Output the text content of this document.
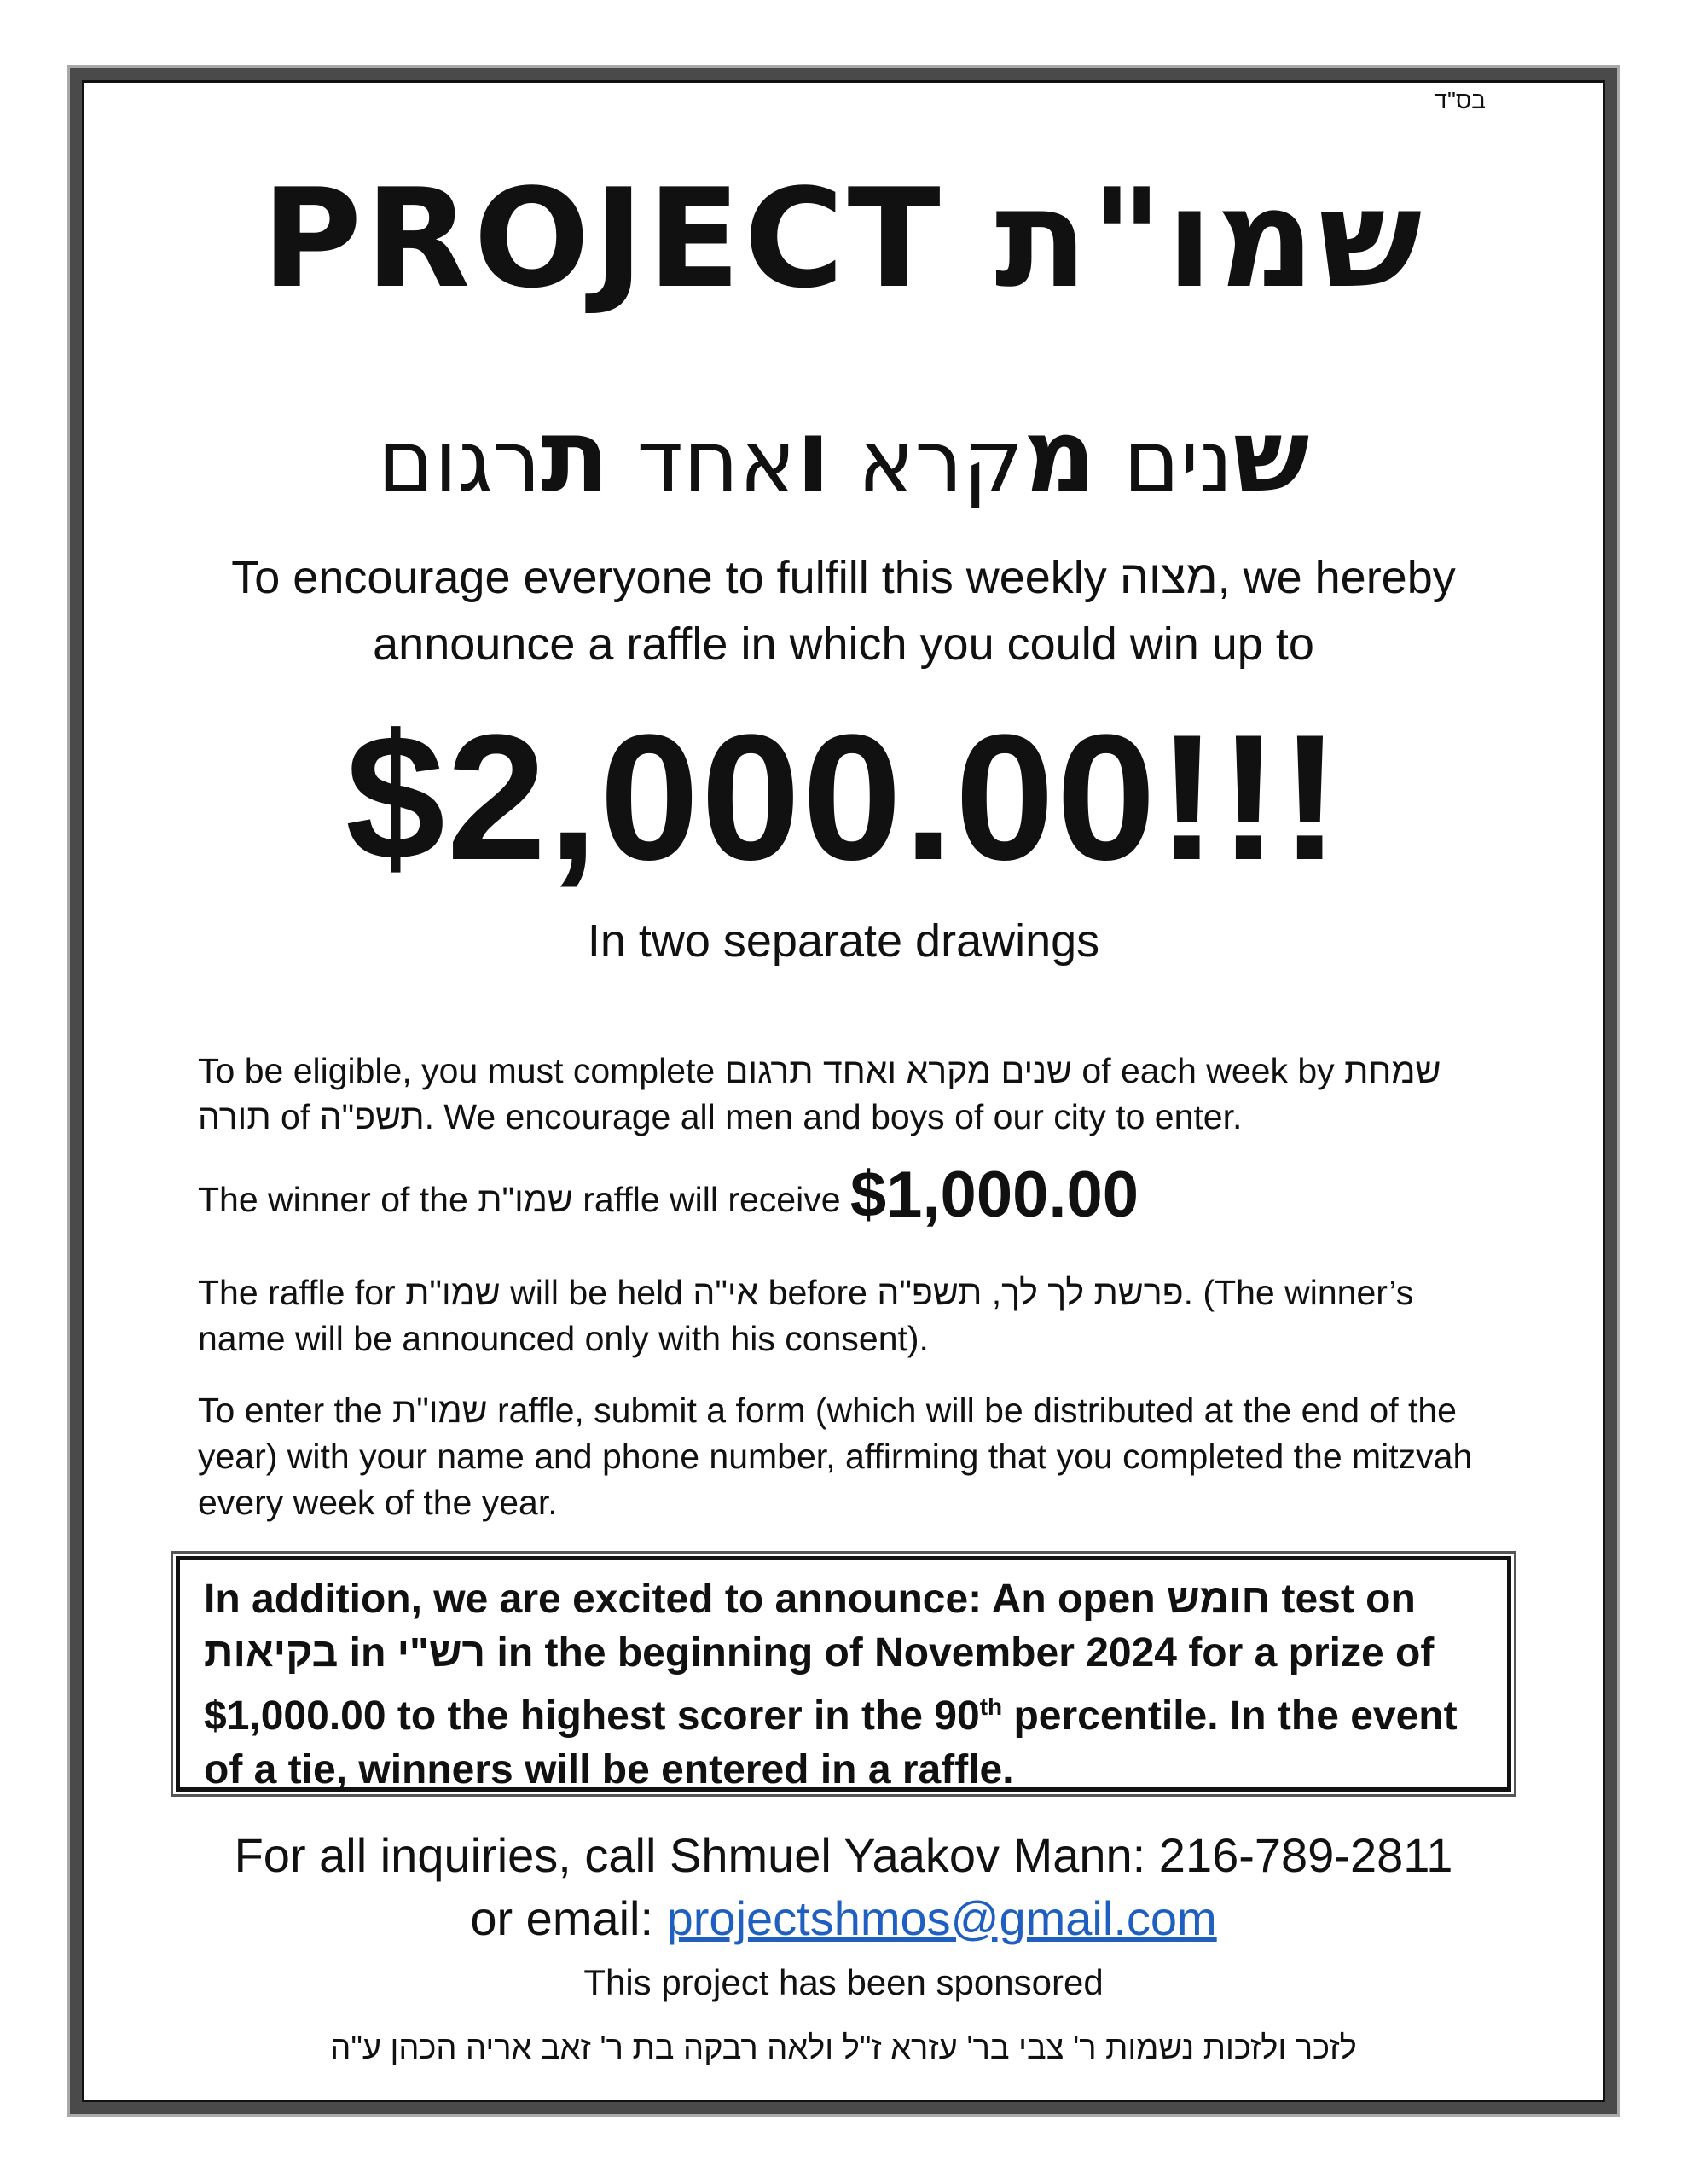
בס"ד
PROJECT שמו"ת
שנים מקרא ואחד תרגום
To encourage everyone to fulfill this weekly מצוה, we hereby announce a raffle in which you could win up to
$2,000.00!!!
In two separate drawings
To be eligible, you must complete שנים מקרא ואחד תרגום of each week by שמחת תורה of תשפ"ה. We encourage all men and boys of our city to enter.
The winner of the שמו"ת raffle will receive $1,000.00
The raffle for שמו"ת will be held אי"ה before פרשת לך לך, תשפ"ה. (The winner’s name will be announced only with his consent).
To enter the שמו"ת raffle, submit a form (which will be distributed at the end of the year) with your name and phone number, affirming that you completed the mitzvah every week of the year.
In addition, we are excited to announce: An open חומש test on בקיאות in רש"י in the beginning of November 2024 for a prize of $1,000.00 to the highest scorer in the 90th percentile. In the event of a tie, winners will be entered in a raffle.
For all inquiries, call Shmuel Yaakov Mann: 216-789-2811
or email: projectshmos@gmail.com
This project has been sponsored
לזכר ולזכות נשמות ר' צבי בר' עזרא ז"ל ולאה רבקה בת ר' זאב אריה הכהן ע"ה
